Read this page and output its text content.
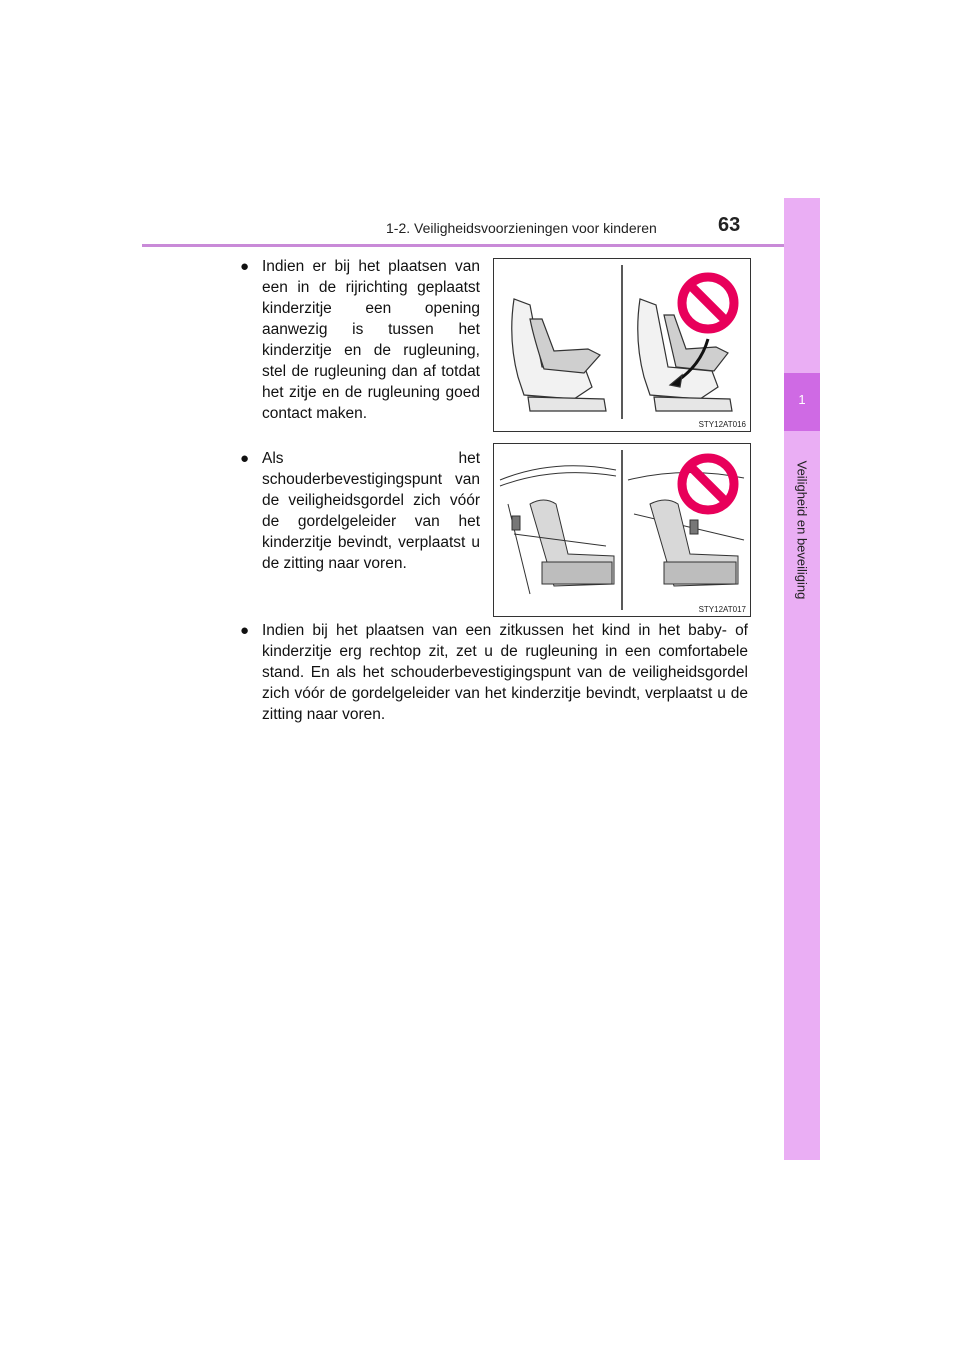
1-2. Veiligheidsvoorzieningen voor kinderen	63
1
Veiligheid en beveiliging
● Indien er bij het plaatsen van een in de rijrichting geplaatst kinderzitje een opening aanwezig is tussen het kinderzitje en de rugleuning, stel de rugleuning dan af totdat het zitje en de rugleuning goed contact maken.
● Als het schouderbevestigingspunt van de veiligheidsgordel zich vóór de gordelgeleider van het kinderzitje bevindt, verplaatst u de zitting naar voren.
● Indien bij het plaatsen van een zitkussen het kind in het baby- of kinderzitje erg rechtop zit, zet u de rugleuning in een comfortabele stand. En als het schouderbevestigingspunt van de veiligheidsgordel zich vóór de gordelgeleider van het kinderzitje bevindt, verplaatst u de zitting naar voren.
STY12AT016
STY12AT017
